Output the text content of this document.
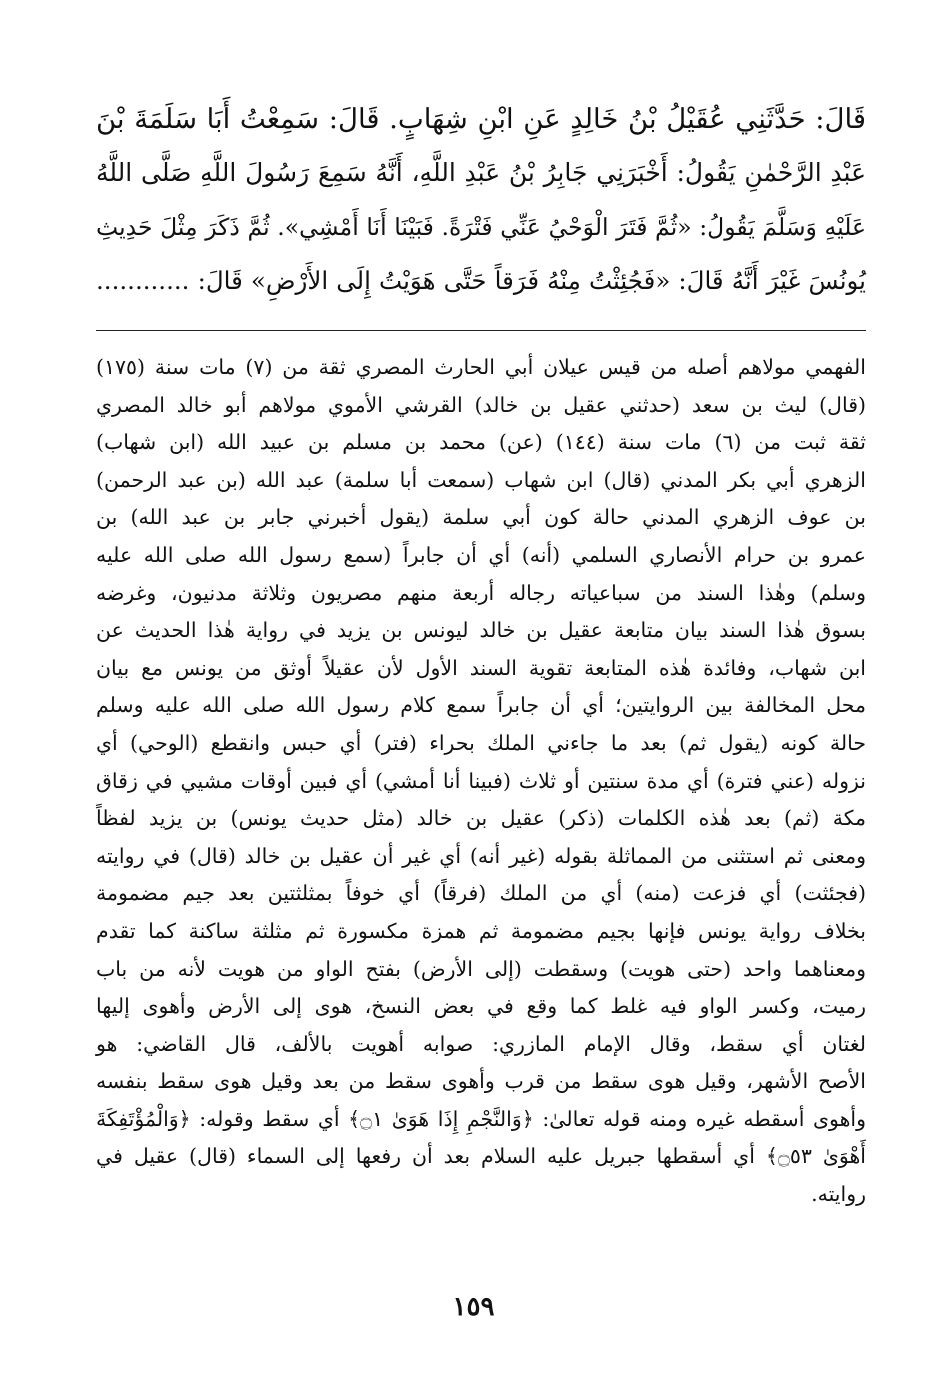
قَالَ: حَدَّثَنِي عُقَيْلُ بْنُ خَالِدٍ عَنِ ابْنِ شِهَابٍ. قَالَ: سَمِعْتُ أَبَا سَلَمَةَ بْنَ
عَبْدِ الرَّحْمٰنِ يَقُولُ: أَخْبَرَنِي جَابِرُ بْنُ عَبْدِ اللَّهِ، أَنَّهُ سَمِعَ رَسُولَ اللَّهِ صَلَّى اللَّهُ
عَلَيْهِ وَسَلَّمَ يَقُولُ: «ثُمَّ فَتَرَ الْوَحْيُ عَنِّي فَتْرَةً. فَبَيْنَا أَنَا أَمْشِي». ثُمَّ ذَكَرَ مِثْلَ حَدِيثِ
يُونُسَ غَيْرَ أَنَّهُ قَالَ: «فَجُئِثْتُ مِنْهُ فَرَقاً حَتَّى هَوَيْتُ إِلَى الأَرْضِ» قَالَ: ............
الفهمي مولاهم أصله من قيس عيلان أبي الحارث المصري ثقة من (٧) مات سنة (١٧٥)
(قال) ليث بن سعد (حدثني عقيل بن خالد) القرشي الأموي مولاهم أبو خالد المصري
ثقة ثبت من (٦) مات سنة (١٤٤) (عن) محمد بن مسلم بن عبيد الله (ابن شهاب)
الزهري أبي بكر المدني (قال) ابن شهاب (سمعت أبا سلمة) عبد الله (بن عبد الرحمن)
بن عوف الزهري المدني حالة كون أبي سلمة (يقول أخبرني جابر بن عبد الله) بن
عمرو بن حرام الأنصاري السلمي (أنه) أي أن جابراً (سمع رسول الله صلى الله عليه
وسلم) وهٰذا السند من سباعياته رجاله أربعة منهم مصريون وثلاثة مدنيون، وغرضه
بسوق هٰذا السند بيان متابعة عقيل بن خالد ليونس بن يزيد في رواية هٰذا الحديث عن
ابن شهاب، وفائدة هٰذه المتابعة تقوية السند الأول لأن عقيلاً أوثق من يونس مع بيان
محل المخالفة بين الروايتين؛ أي أن جابراً سمع كلام رسول الله صلى الله عليه وسلم
حالة كونه (يقول ثم) بعد ما جاءني الملك بحراء (فتر) أي حبس وانقطع (الوحي) أي
نزوله (عني فترة) أي مدة سنتين أو ثلاث (فبينا أنا أمشي) أي فبين أوقات مشيي في زقاق
مكة (ثم) بعد هٰذه الكلمات (ذكر) عقيل بن خالد (مثل حديث يونس) بن يزيد لفظاً
ومعنى ثم استثنى من المماثلة بقوله (غير أنه) أي غير أن عقيل بن خالد (قال) في روايته
(فجئثت) أي فزعت (منه) أي من الملك (فرقاً) أي خوفاً بمثلثتين بعد جيم مضمومة
بخلاف رواية يونس فإنها بجيم مضمومة ثم همزة مكسورة ثم مثلثة ساكنة كما تقدم
ومعناهما واحد (حتى هويت) وسقطت (إلى الأرض) بفتح الواو من هويت لأنه من باب
رميت، وكسر الواو فيه غلط كما وقع في بعض النسخ، هوى إلى الأرض وأهوى إليها
لغتان أي سقط، وقال الإمام المازري: صوابه أهويت بالألف، قال القاضي: هو
الأصح الأشهر، وقيل هوى سقط من قرب وأهوى سقط من بعد وقيل هوى سقط بنفسه
وأهوى أسقطه غيره ومنه قوله تعالىٰ: ﴿وَالنَّجْمِ إِذَا هَوَىٰ ۝١﴾ أي سقط وقوله: ﴿وَالْمُؤْتَفِكَةَ
أَهْوَىٰ ۝٥٣﴾ أي أسقطها جبريل عليه السلام بعد أن رفعها إلى السماء (قال) عقيل في
روايته.
١٥٩
